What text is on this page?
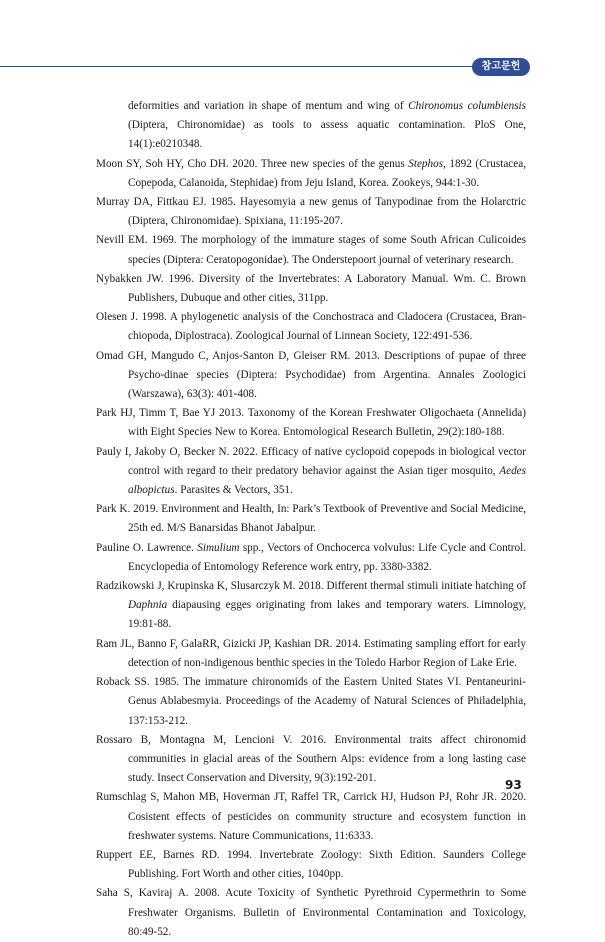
참고문헌

deformities and variation in shape of mentum and wing of Chironomus columbiensis (Diptera, Chironomidae) as tools to assess aquatic contamination. PloS One, 14(1):e0210348.

Moon SY, Soh HY, Cho DH. 2020. Three new species of the genus Stephos, 1892 (Crustacea, Copepoda, Calanoida, Stephidae) from Jeju Island, Korea. Zookeys, 944:1-30.

Murray DA, Fittkau EJ. 1985. Hayesomyia a new genus of Tanypodinae from the Holarctric (Diptera, Chironomidae). Spixiana, 11:195-207.

Nevill EM. 1969. The morphology of the immature stages of some South African Culicoides species (Diptera: Ceratopogonidae). The Onderstepoort journal of veterinary research.

Nybakken JW. 1996. Diversity of the Invertebrates: A Laboratory Manual. Wm. C. Brown Publishers, Dubuque and other cities, 311pp.

Olesen J. 1998. A phylogenetic analysis of the Conchostraca and Cladocera (Crustacea, Bran-chiopoda, Diplostraca). Zoological Journal of Linnean Society, 122:491-536.

Omad GH, Mangudo C, Anjos-Santon D, Gleiser RM. 2013. Descriptions of pupae of three Psycho-dinae species (Diptera: Psychodidae) from Argentina. Annales Zoologici (Warszawa), 63(3): 401-408.

Park HJ, Timm T, Bae YJ 2013. Taxonomy of the Korean Freshwater Oligochaeta (Annelida) with Eight Species New to Korea. Entomological Research Bulletin, 29(2):180-188.

Pauly I, Jakoby O, Becker N. 2022. Efficacy of native cyclopoid copepods in biological vector control with regard to their predatory behavior against the Asian tiger mosquito, Aedes albopictus. Parasites & Vectors, 351.

Park K. 2019. Environment and Health, In: Park’s Textbook of Preventive and Social Medicine, 25th ed. M/S Banarsidas Bhanot Jabalpur.

Pauline O. Lawrence. Simulium spp., Vectors of Onchocerca volvulus: Life Cycle and Control. Encyclopedia of Entomology Reference work entry, pp. 3380-3382.

Radzikowski J, Krupinska K, Slusarczyk M. 2018. Different thermal stimuli initiate hatching of Daphnia diapausing egges originating from lakes and temporary waters. Limnology, 19:81-88.

Ram JL, Banno F, GalaRR, Gizicki JP, Kashian DR. 2014. Estimating sampling effort for early detection of non-indigenous benthic species in the Toledo Harbor Region of Lake Erie.

Roback SS. 1985. The immature chironomids of the Eastern United States VI. Pentaneurini-Genus Ablabesmyia. Proceedings of the Academy of Natural Sciences of Philadelphia, 137:153-212.

Rossaro B, Montagna M, Lencioni V. 2016. Environmental traits affect chironomid communities in glacial areas of the Southern Alps: evidence from a long lasting case study. Insect Conservation and Diversity, 9(3):192-201.

Rumschlag S, Mahon MB, Hoverman JT, Raffel TR, Carrick HJ, Hudson PJ, Rohr JR. 2020. Cosistent effects of pesticides on community structure and ecosystem function in freshwater systems. Nature Communications, 11:6333.

Ruppert EE, Barnes RD. 1994. Invertebrate Zoology: Sixth Edition. Saunders College Publishing. Fort Worth and other cities, 1040pp.

Saha S, Kaviraj A. 2008. Acute Toxicity of Synthetic Pyrethroid Cypermethrin to Some Freshwater Organisms. Bulletin of Environmental Contamination and Toxicology, 80:49-52.

93
